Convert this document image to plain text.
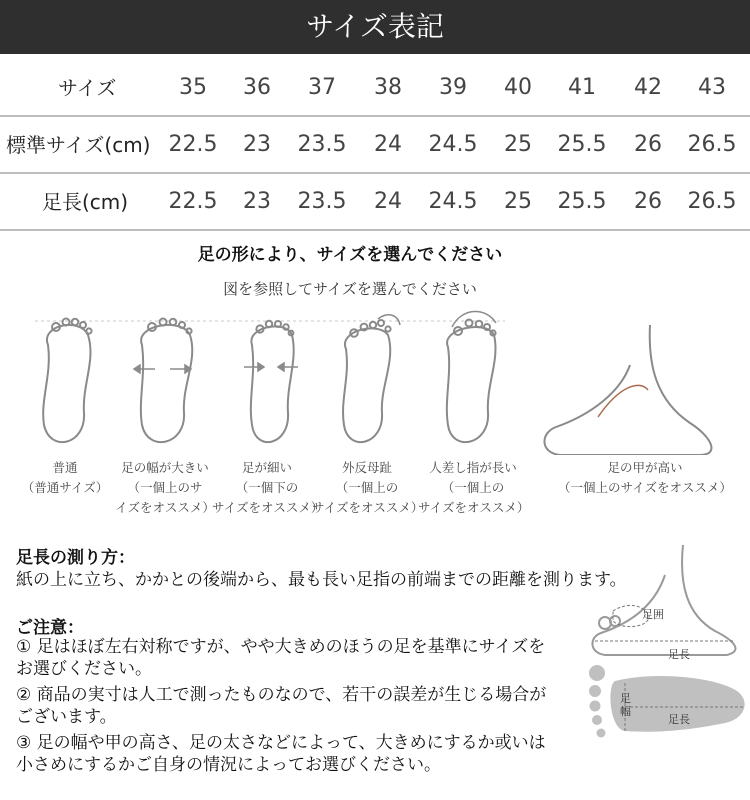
サイズ表記
サイズ	35	36	37	38	39	40	41	42	43
標準サイズ(cm) 22.5	23	23.5	24	24.5	25	25.5	26	26.5
足長(cm) 22.5	23	23.5	24	24.5	25	25.5	26	26.5
足の形により、サイズを選んでください
図を参照してサイズを選んでください
普通
（普通サイズ）
足の幅が大きい
（一個上のサ
イズをオススメ）
足が細い
（一個下の
サイズをオススメ）
外反母趾
（一個上の
サイズをオススメ）
人差し指が長い
（一個上の
サイズをオススメ）
足の甲が高い
（一個上のサイズをオススメ）
足長の測り方：
紙の上に立ち、かかとの後端から、最も長い足指の前端までの距離を測ります。
ご注意：
① 足はほぼ左右対称ですが、やや大きめのほうの足を基準にサイズを
お選びください。
② 商品の実寸は人工で測ったものなので、若干の誤差が生じる場合が
ございます。
③ 足の幅や甲の高さ、足の太さなどによって、大きめにするか或いは
小さめにするかご自身の情況によってお選びください。
足囲
足長
足
幅
足長
